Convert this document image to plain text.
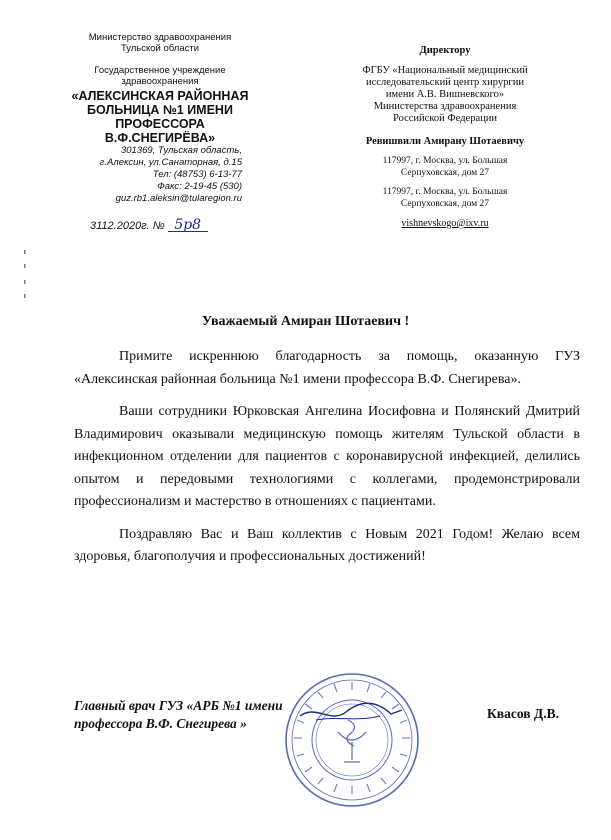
Министерство здравоохранения
Тульской области
Государственное учреждение
здравоохранения
«АЛЕКСИНСКАЯ РАЙОННАЯ
БОЛЬНИЦА №1 ИМЕНИ
ПРОФЕССОРА
В.Ф.СНЕГИРЁВА»
301369, Тульская область,
г.Алексин, ул.Санаторная, д.15
Тел: (48753) 6-13-77
Факс: 2-19-45 (530)
guz.rb1.aleksin@tularegion.ru
3112.2020г. № 5р8
Директору
ФГБУ «Национальный медицинский
исследовательский центр хирургии
имени А.В. Вишневского»
Министерства здравоохранения
Российской Федерации
Ревишвили Амирану Шотаевичу
117997, г. Москва, ул. Большая
Серпуховская, дом 27
117997, г. Москва, ул. Большая
Серпуховская, дом 27
vishnevskogo@ixv.ru
Уважаемый Амиран Шотаевич !

Примите искреннюю благодарность за помощь, оказанную ГУЗ «Алексинская районная больница №1 имени профессора В.Ф. Снегирева».

Ваши сотрудники Юрковская Ангелина Иосифовна и Полянский Дмитрий Владимирович оказывали медицинскую помощь жителям Тульской области в инфекционном отделении для пациентов с коронавирусной инфекцией, делились опытом и передовыми технологиями с коллегами, продемонстрировали профессионализм и мастерство в отношениях с пациентами.

Поздравляю Вас и Ваш коллектив с Новым 2021 Годом! Желаю всем здоровья, благополучия и профессиональных достижений!

Главный врач ГУЗ «АРБ №1 имени
профессора В.Ф. Снегирева »
Квасов Д.В.
